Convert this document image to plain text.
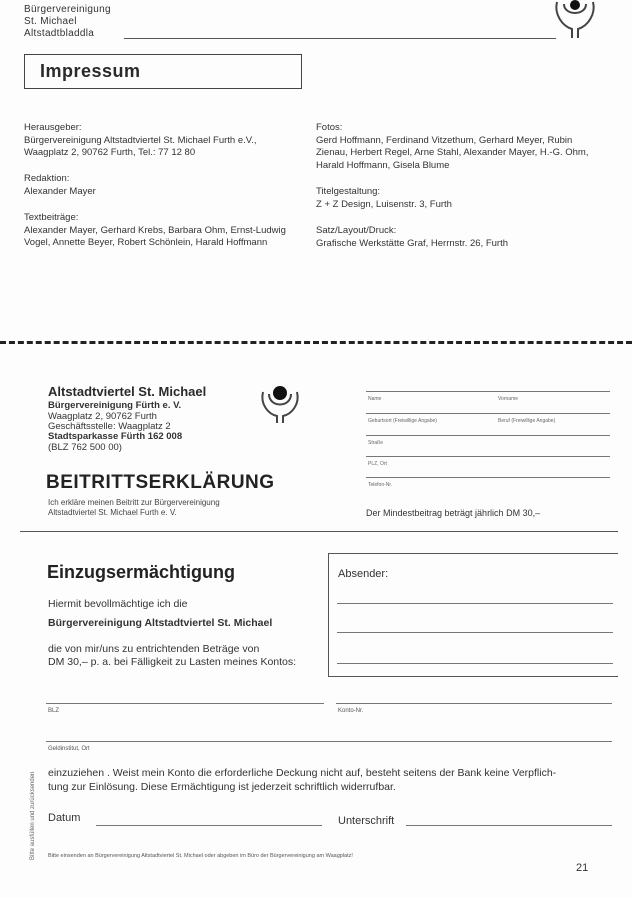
Bürgervereinigung
St. Michael
Altstadtbladdla
Impressum
Herausgeber:
Bürgervereinigung Altstadtviertel St. Michael Furth e.V., Waagplatz 2, 90762 Furth, Tel.: 77 12 80
Redaktion:
Alexander Mayer
Textbeiträge:
Alexander Mayer, Gerhard Krebs, Barbara Ohm, Ernst-Ludwig Vogel, Annette Beyer, Robert Schönlein, Harald Hoffmann
Fotos:
Gerd Hoffmann, Ferdinand Vitzethum, Gerhard Meyer, Rubin Zienau, Herbert Regel, Arne Stahl, Alexander Mayer, H.-G. Ohm, Harald Hoffmann, Gisela Blume
Titelgestaltung:
Z + Z Design, Luisenstr. 3, Furth
Satz/Layout/Druck:
Grafische Werkstätte Graf, Herrnstr. 26, Furth
Altstadtviertel St. Michael
Bürgervereinigung Fürth e. V.
Waagplatz 2, 90762 Furth
Geschäftsstelle: Waagplatz 2
Stadtsparkasse Fürth 162 008
(BLZ 762 500 00)
Name	Vorname
Geburtsort (Freiwillige Angabe)	Beruf (Freiwillige Angabe)
Straße
PLZ, Ort
Telefon-Nr.
BEITRITTSERKLÄRUNG
Ich erkläre meinen Beitritt zur Bürgervereinigung
Altstadtviertel St. Michael Furth e. V.	Der Mindestbeitrag beträgt jährlich DM 30,–
Einzugsermächtigung
Hiermit bevollmächtige ich die
Bürgervereinigung Altstadtviertel St. Michael
die von mir/uns zu entrichtenden Beträge von
DM 30,– p. a. bei Fälligkeit zu Lasten meines Kontos:
Absender:
BLZ	Konto-Nr.
Geldinstitut, Ort
einzuziehen . Weist mein Konto die erforderliche Deckung nicht auf, besteht seitens der Bank keine Verpflich-
tung zur Einlösung. Diese Ermächtigung ist jederzeit schriftlich widerrufbar.
Datum	Unterschrift
Bitte ausfüllen und zurücksenden Bitte einsenden an Bürgervereinigung Altstadtviertel St. Michael oder abgeben im Büro der Bürgervereinigung am Waagplatz!
21
